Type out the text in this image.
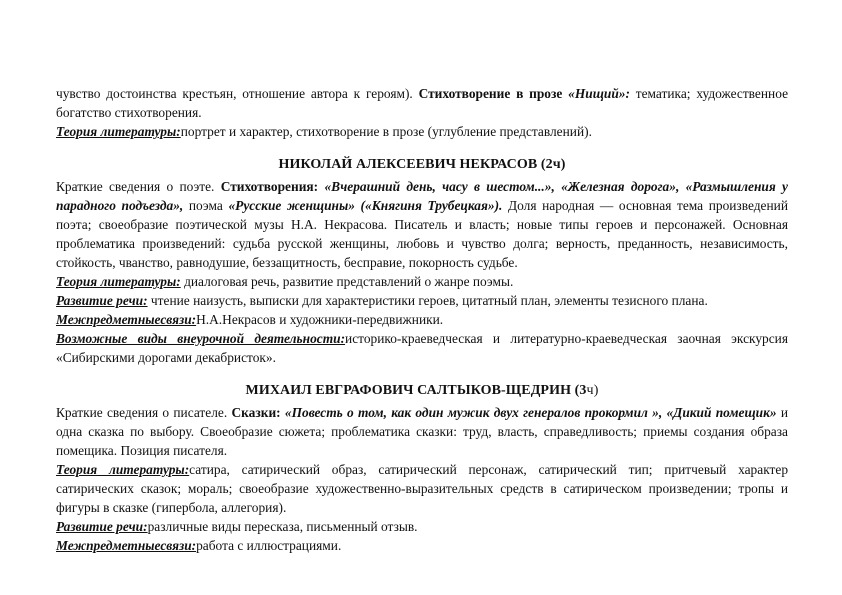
чувство достоинства крестьян, отношение автора к героям). Стихотворение в прозе «Нищий»: тематика; художественное богатство стихотворения.

Теория литературы:портрет и характер, стихотворение в прозе (углубление представлений).

НИКОЛАЙ АЛЕКСЕЕВИЧ НЕКРАСОВ (2ч)

Краткие сведения о поэте. Стихотворения: «Вчерашний день, часу в шестом...», «Железная дорога», «Размышления у парадного подъезда», поэма «Русские женщины» («Княгиня Трубецкая»). Доля народная — основная тема произведений поэта; своеобразие поэтической музы Н.А. Некрасова. Писатель и власть; новые типы героев и персонажей. Основная проблематика произведений: судьба русской женщины, любовь и чувство долга; верность, преданность, независимость, стойкость, чванство, равнодушие, беззащитность, бесправие, покорность судьбе.

Теория литературы: диалоговая речь, развитие представлений о жанре поэмы.

Развитие речи: чтение наизусть, выписки для характеристики героев, цитатный план, элементы тезисного плана.

Межпредметныесвязи:Н.А.Некрасов и художники-передвижники.

Возможные виды внеурочной деятельности:историко-краеведческая и литературно-краеведческая заочная экскурсия «Сибирскими дорогами декабристок».

МИХАИЛ ЕВГРАФОВИЧ САЛТЫКОВ-ЩЕДРИН (3ч)

Краткие сведения о писателе. Сказки: «Повесть о том, как один мужик двух генералов прокормил », «Дикий помещик» и одна сказка по выбору. Своеобразие сюжета; проблематика сказки: труд, власть, справедливость; приемы создания образа помещика. Позиция писателя.

Теория литературы:сатира, сатирический образ, сатирический персонаж, сатирический тип; притчевый характер сатирических сказок; мораль; своеобразие художественно-выразительных средств в сатирическом произведении; тропы и фигуры в сказке (гипербола, аллегория).

Развитие речи:различные виды пересказа, письменный отзыв.

Межпредметныесвязи:работа с иллюстрациями.
